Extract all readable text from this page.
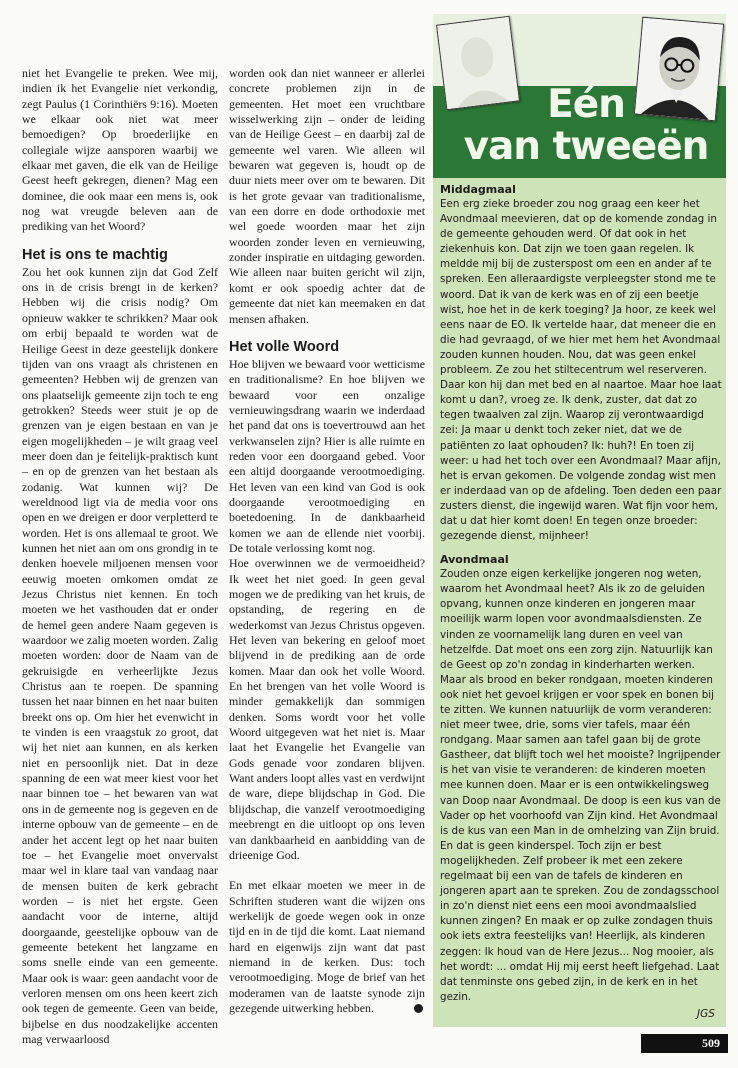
niet het Evangelie te preken. Wee mij, indien ik het Evangelie niet verkondig, zegt Paulus (1 Corinthiërs 9:16). Moeten we elkaar ook niet wat meer bemoedigen? Op broederlijke en collegiale wijze aansporen waarbij we elkaar met gaven, die elk van de Heilige Geest heeft gekregen, dienen? Mag een dominee, die ook maar een mens is, ook nog wat vreugde beleven aan de prediking van het Woord?

Het is ons te machtig

Zou het ook kunnen zijn dat God Zelf ons in de crisis brengt in de kerken? Hebben wij die crisis nodig? Om opnieuw wakker te schrikken? Maar ook om erbij bepaald te worden wat de Heilige Geest in deze geestelijk donkere tijden van ons vraagt als christenen en gemeenten? Hebben wij de grenzen van ons plaatselijk gemeente zijn toch te eng getrokken? Steeds weer stuit je op de grenzen van je eigen bestaan en van je eigen mogelijkheden – je wilt graag veel meer doen dan je feitelijk-praktisch kunt – en op de grenzen van het bestaan als zodanig. Wat kunnen wij? De wereldnood ligt via de media voor ons open en we dreigen er door verpletterd te worden. Het is ons allemaal te groot. We kunnen het niet aan om ons grondig in te denken hoevele miljoenen mensen voor eeuwig moeten omkomen omdat ze Jezus Christus niet kennen. En toch moeten we het vasthouden dat er onder de hemel geen andere Naam gegeven is waardoor we zalig moeten worden. Zalig moeten worden: door de Naam van de gekruisigde en verheerlijkte Jezus Christus aan te roepen. De spanning tussen het naar binnen en het naar buiten breekt ons op. Om hier het evenwicht in te vinden is een vraagstuk zo groot, dat wij het niet aan kunnen, en als kerken niet en persoonlijk niet. Dat in deze spanning de een wat meer kiest voor het naar binnen toe – het bewaren van wat ons in de gemeente nog is gegeven en de interne opbouw van de gemeente – en de ander het accent legt op het naar buiten toe – het Evangelie moet onvervalst maar wel in klare taal van vandaag naar de mensen buiten de kerk gebracht worden – is niet het ergste. Geen aandacht voor de interne, altijd doorgaande, geestelijke opbouw van de gemeente betekent het langzame en soms snelle einde van een gemeente. Maar ook is waar: geen aandacht voor de verloren mensen om ons heen keert zich ook tegen de gemeente. Geen van beide, bijbelse en dus noodzakelijke accenten mag verwaarloosd

worden ook dan niet wanneer er allerlei concrete problemen zijn in de gemeenten. Het moet een vruchtbare wisselwerking zijn – onder de leiding van de Heilige Geest – en daarbij zal de gemeente wel varen. Wie alleen wil bewaren wat gegeven is, houdt op de duur niets meer over om te bewaren. Dit is het grote gevaar van traditionalisme, van een dorre en dode orthodoxie met wel goede woorden maar het zijn woorden zonder leven en vernieuwing, zonder inspiratie en uitdaging geworden. Wie alleen naar buiten gericht wil zijn, komt er ook spoedig achter dat de gemeente dat niet kan meemaken en dat mensen afhaken.

Het volle Woord

Hoe blijven we bewaard voor wetticisme en traditionalisme? En hoe blijven we bewaard voor een onzalige vernieuwingsdrang waarin we inderdaad het pand dat ons is toevertrouwd aan het verkwanselen zijn? Hier is alle ruimte en reden voor een doorgaand gebed. Voor een altijd doorgaande verootmoediging. Het leven van een kind van God is ook doorgaande verootmoediging en boetedoening. In de dankbaarheid komen we aan de ellende niet voorbij. De totale verlossing komt nog.

Hoe overwinnen we de vermoeidheid? Ik weet het niet goed. In geen geval mogen we de prediking van het kruis, de opstanding, de regering en de wederkomst van Jezus Christus opgeven. Het leven van bekering en geloof moet blijvend in de prediking aan de orde komen. Maar dan ook het volle Woord. En het brengen van het volle Woord is minder gemakkelijk dan sommigen denken. Soms wordt voor het volle Woord uitgegeven wat het niet is. Maar laat het Evangelie het Evangelie van Gods genade voor zondaren blijven. Want anders loopt alles vast en verdwijnt de ware, diepe blijdschap in God. Die blijdschap, die vanzelf verootmoediging meebrengt en die uitloopt op ons leven van dankbaarheid en aanbidding van de drieenige God.

En met elkaar moeten we meer in de Schriften studeren want die wijzen ons werkelijk de goede wegen ook in onze tijd en in de tijd die komt. Laat niemand hard en eigenwijs zijn want dat past niemand in de kerken. Dus: toch verootmoediging. Moge de brief van het moderamen van de laatste synode zijn gezegende uitwerking hebben.

Eén
van tweeën
Middagmaal

Een erg zieke broeder zou nog graag een keer het Avondmaal meevieren, dat op de komende zondag in de gemeente gehouden werd. Of dat ook in het ziekenhuis kon. Dat zijn we toen gaan regelen. Ik meldde mij bij de zusterspost om een en ander af te spreken. Een alleraardigste verpleegster stond me te woord. Dat ik van de kerk was en of zij een beetje wist, hoe het in de kerk toeging? Ja hoor, ze keek wel eens naar de EO. Ik vertelde haar, dat meneer die en die had gevraagd, of we hier met hem het Avondmaal zouden kunnen houden. Nou, dat was geen enkel probleem. Ze zou het stiltecentrum wel reserveren. Daar kon hij dan met bed en al naartoe. Maar hoe laat komt u dan?, vroeg ze. Ik denk, zuster, dat dat zo tegen twaalven zal zijn. Waarop zij verontwaardigd zei: Ja maar u denkt toch zeker niet, dat we de patiënten zo laat ophouden? Ik: huh?! En toen zij weer: u had het toch over een Avondmaal? Maar afijn, het is ervan gekomen. De volgende zondag wist men er inderdaad van op de afdeling. Toen deden een paar zusters dienst, die ingewijd waren. Wat fijn voor hem, dat u dat hier komt doen! En tegen onze broeder: gezegende dienst, mijnheer!

Avondmaal

Zouden onze eigen kerkelijke jongeren nog weten, waarom het Avondmaal heet? Als ik zo de geluiden opvang, kunnen onze kinderen en jongeren maar moeilijk warm lopen voor avondmaalsdiensten. Ze vinden ze voornamelijk lang duren en veel van hetzelfde. Dat moet ons een zorg zijn. Natuurlijk kan de Geest op zo'n zondag in kinderharten werken. Maar als brood en beker rondgaan, moeten kinderen ook niet het gevoel krijgen er voor spek en bonen bij te zitten. We kunnen natuurlijk de vorm veranderen: niet meer twee, drie, soms vier tafels, maar één rondgang. Maar samen aan tafel gaan bij de grote Gastheer, dat blijft toch wel het mooiste? Ingrijpender is het van visie te veranderen: de kinderen moeten mee kunnen doen. Maar er is een ontwikkelingsweg van Doop naar Avondmaal. De doop is een kus van de Vader op het voorhoofd van Zijn kind. Het Avondmaal is de kus van een Man in de omhelzing van Zijn bruid. En dat is geen kinderspel. Toch zijn er best mogelijkheden. Zelf probeer ik met een zekere regelmaat bij een van de tafels de kinderen en jongeren apart aan te spreken. Zou de zondagsschool in zo'n dienst niet eens een mooi avondmaalslied kunnen zingen? En maak er op zulke zondagen thuis ook iets extra feestelijks van! Heerlijk, als kinderen zeggen: Ik houd van de Here Jezus... Nog mooier, als het wordt: ... omdat Hij mij eerst heeft liefgehad. Laat dat tenminste ons gebed zijn, in de kerk en in het gezin.

JGS
509
